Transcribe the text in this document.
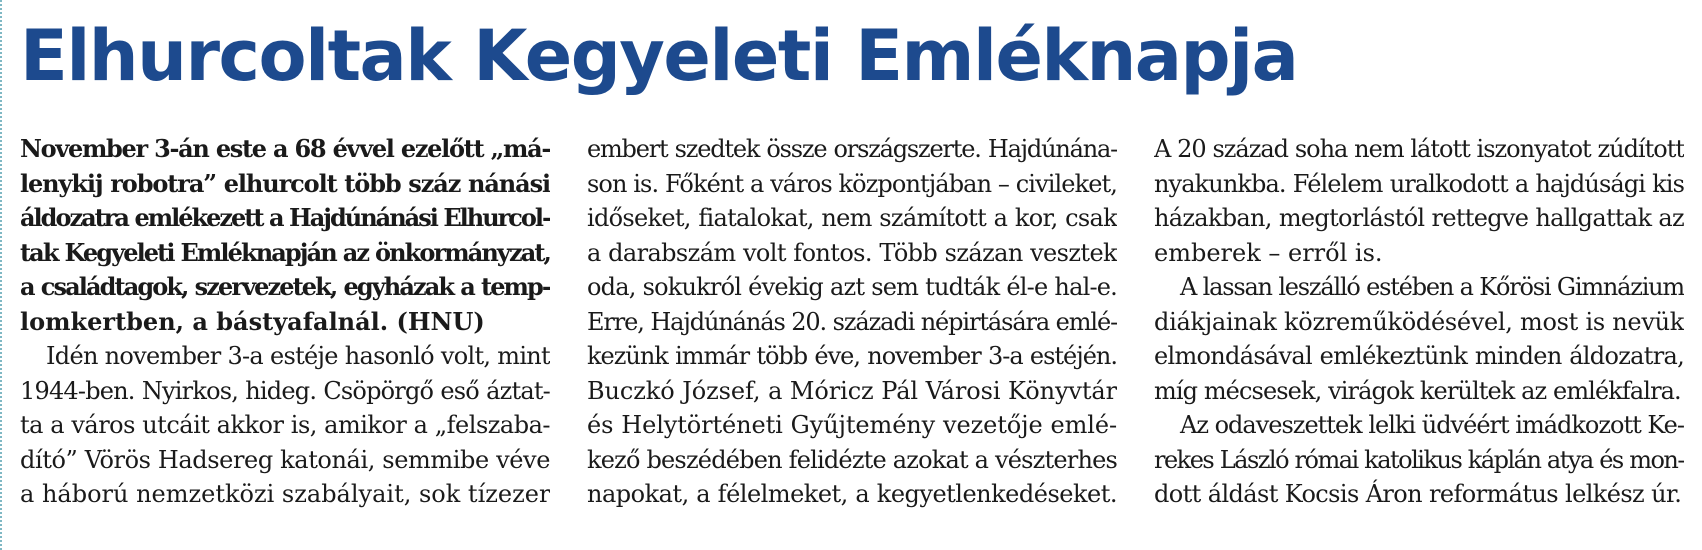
Elhurcoltak Kegyeleti Emléknapja
November 3-án este a 68 évvel ezelőtt „má-
lenykij robotra” elhurcolt több száz nánási
áldozatra emlékezett a Hajdúnánási Elhurcol-
tak Kegyeleti Emléknapján az önkormányzat,
a családtagok, szervezetek, egyházak a temp-
lomkertben, a bástyafalnál. (HNU)
Idén november 3-a estéje hasonló volt, mint
1944-ben. Nyirkos, hideg. Csöpörgő eső áztat-
ta a város utcáit akkor is, amikor a „felszaba-
dító” Vörös Hadsereg katonái, semmibe véve
a háború nemzetközi szabályait, sok tízezer
embert szedtek össze országszerte. Hajdúnána-
son is. Főként a város központjában – civileket,
időseket, fiatalokat, nem számított a kor, csak
a darabszám volt fontos. Több százan vesztek
oda, sokukról évekig azt sem tudták él-e hal-e.
Erre, Hajdúnánás 20. századi népirtására emlé-
kezünk immár több éve, november 3-a estéjén.
Buczkó József, a Móricz Pál Városi Könyvtár
és Helytörténeti Gyűjtemény vezetője emlé-
kező beszédében felidézte azokat a vészterhes
napokat, a félelmeket, a kegyetlenkedéseket.
A 20 század soha nem látott iszonyatot zúdított
nyakunkba. Félelem uralkodott a hajdúsági kis
házakban, megtorlástól rettegve hallgattak az
emberek – erről is.
A lassan leszálló estében a Kőrösi Gimnázium
diákjainak közreműködésével, most is nevük
elmondásával emlékeztünk minden áldozatra,
míg mécsesek, virágok kerültek az emlékfalra.
Az odaveszettek lelki üdvéért imádkozott Ke-
rekes László római katolikus káplán atya és mon-
dott áldást Kocsis Áron református lelkész úr.
